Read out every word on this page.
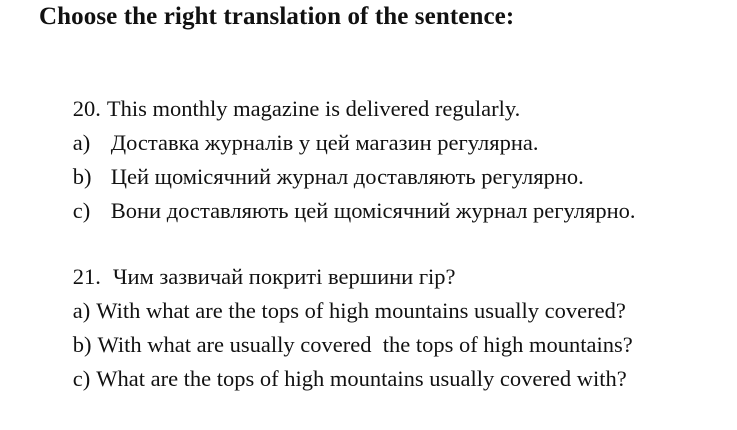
Choose the right translation of the sentence:

20. This monthly magazine is delivered regularly.

a) Доставка журналів у цей магазин регулярна.

b) Цей щомісячний журнал доставляють регулярно.

c) Вони доставляють цей щомісячний журнал регулярно.

21. Чим зазвичай покриті вершини гір?

a) With what are the tops of high mountains usually covered?

b) With what are usually covered  the tops of high mountains?

c) What are the tops of high mountains usually covered with?
